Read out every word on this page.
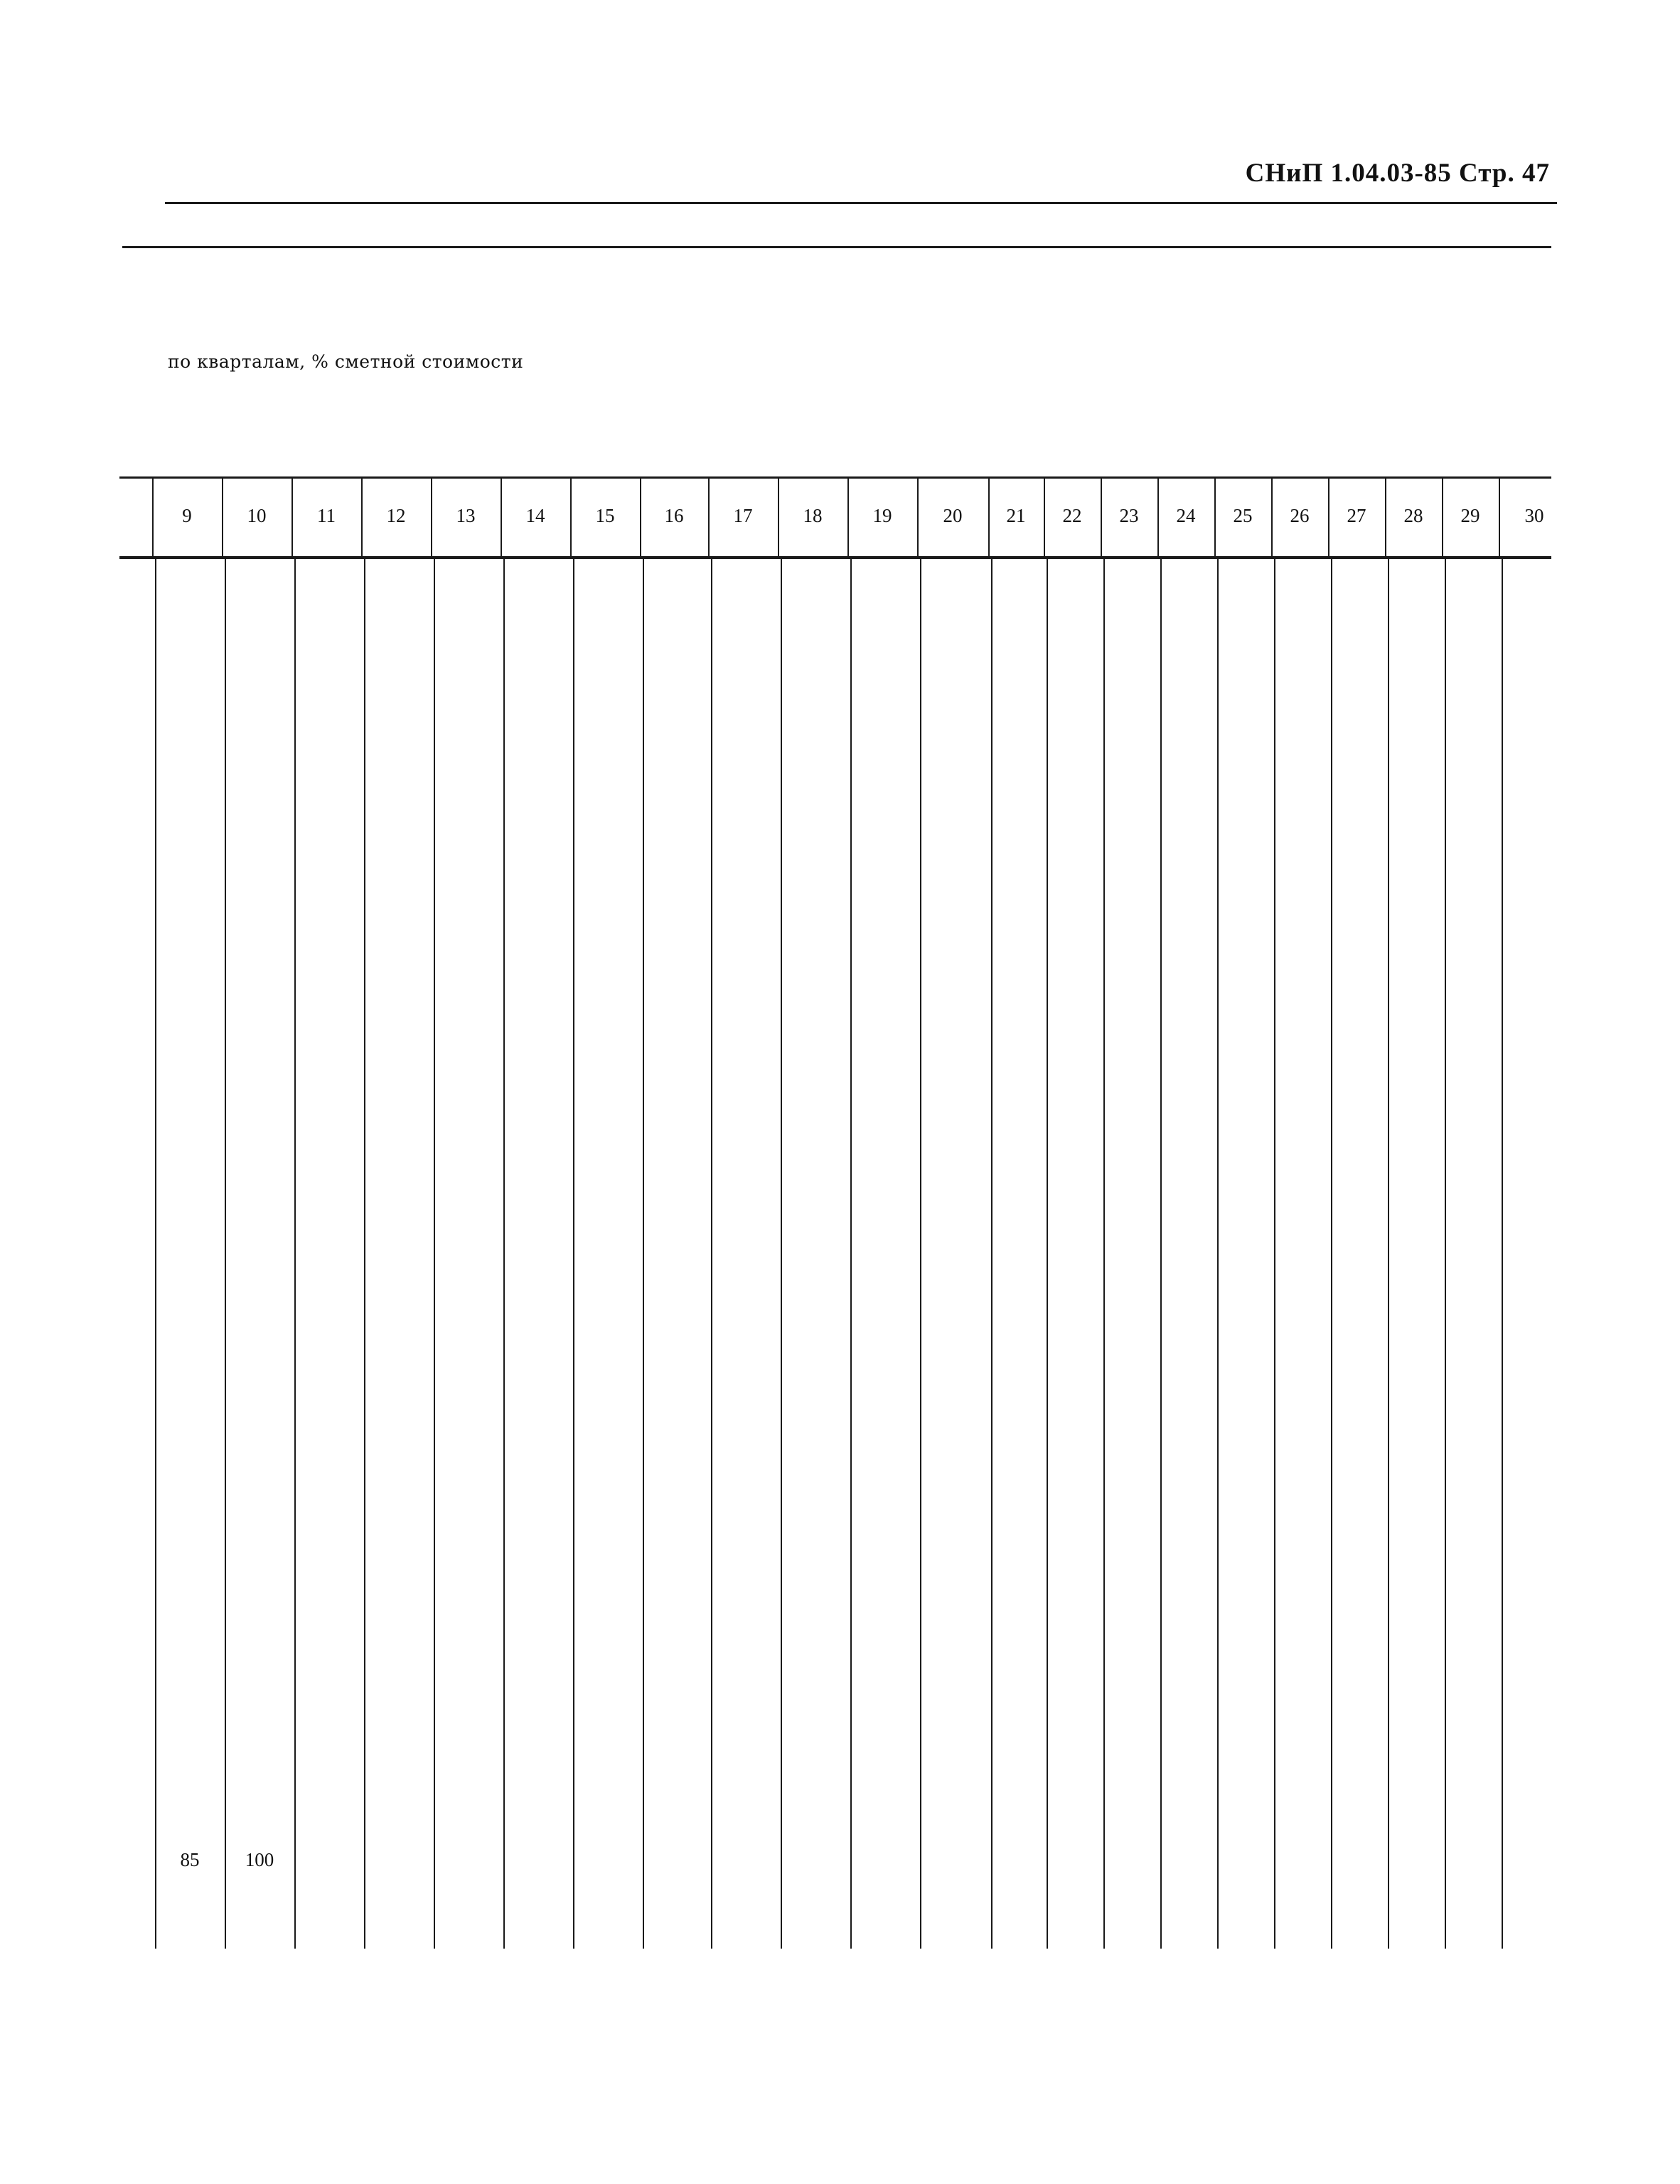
СНиП 1.04.03-85 Стр. 47
по кварталам, % сметной стоимости
9	10	11	12	13	14	15	16	17	18	19	20 21 22 23 24 25 26 27 28 29 30
85 100
